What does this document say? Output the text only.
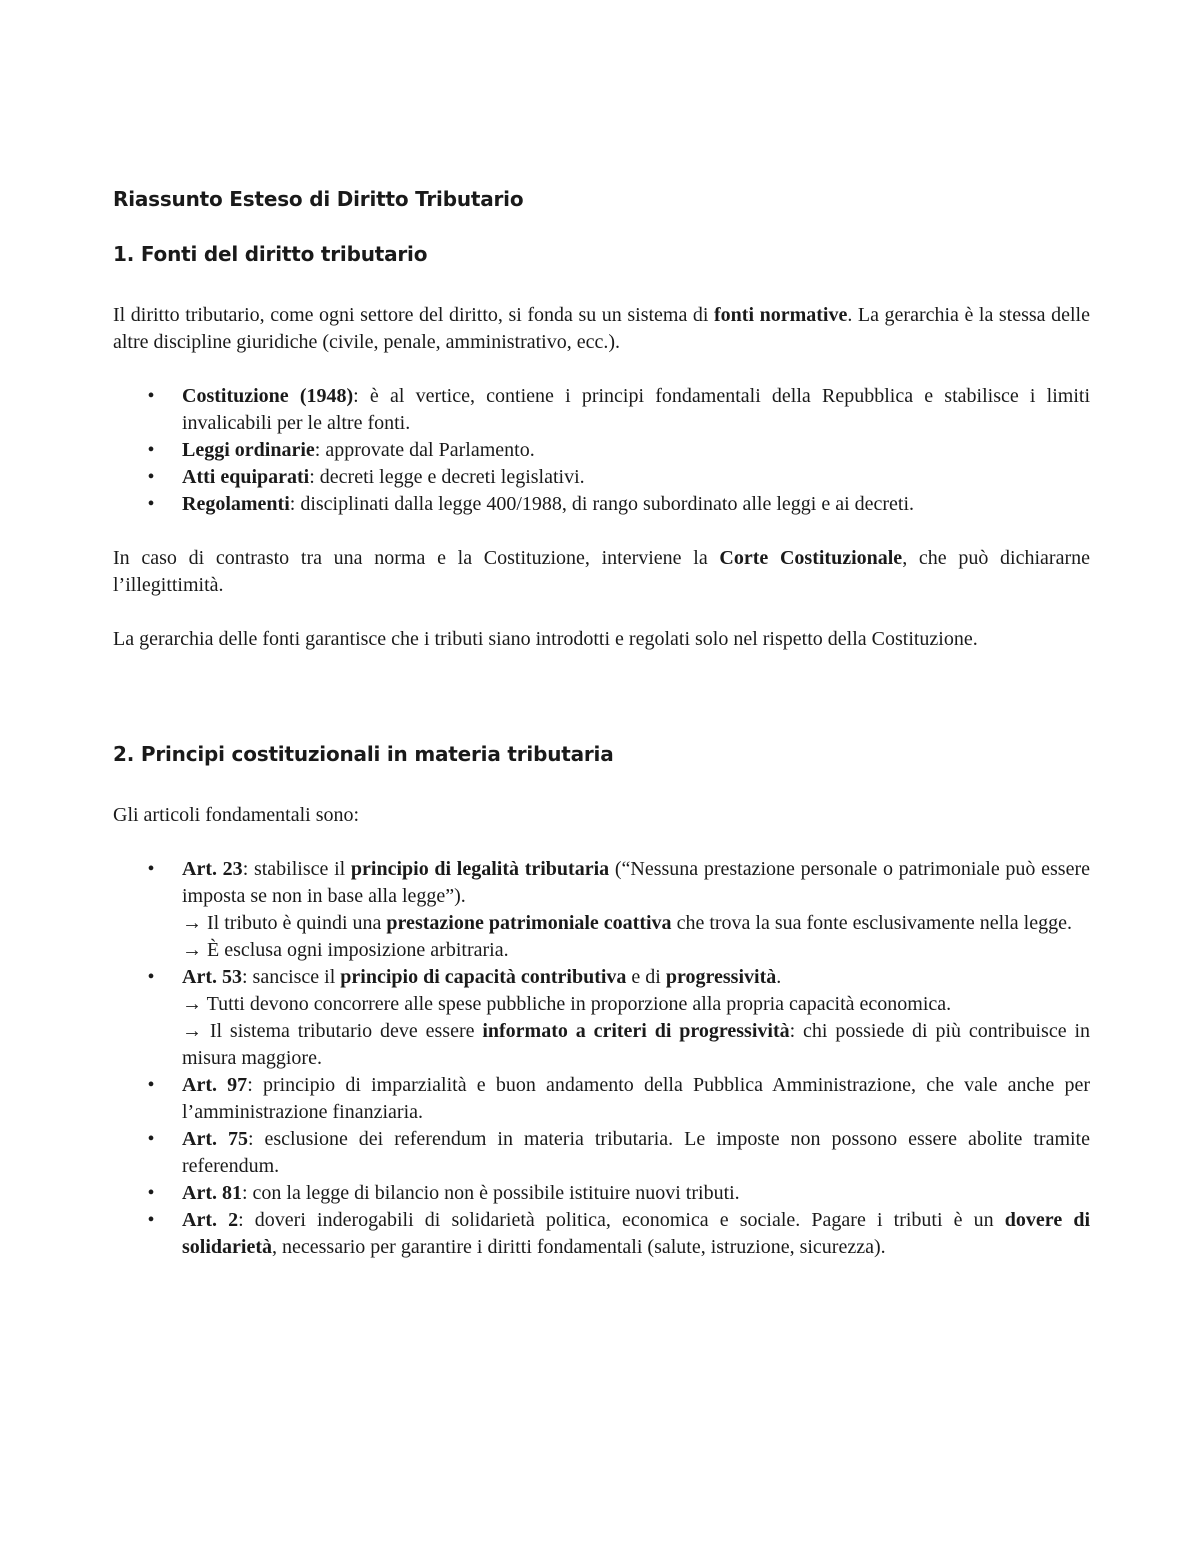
Riassunto Esteso di Diritto Tributario
1. Fonti del diritto tributario

Il diritto tributario, come ogni settore del diritto, si fonda su un sistema di fonti normative. La gerarchia è la stessa delle altre discipline giuridiche (civile, penale, amministrativo, ecc.).

• Costituzione (1948): è al vertice, contiene i principi fondamentali della Repubblica e stabilisce i limiti invalicabili per le altre fonti.
• Leggi ordinarie: approvate dal Parlamento.
• Atti equiparati: decreti legge e decreti legislativi.
• Regolamenti: disciplinati dalla legge 400/1988, di rango subordinato alle leggi e ai decreti.

In caso di contrasto tra una norma e la Costituzione, interviene la Corte Costituzionale, che può dichiararne l’illegittimità.

La gerarchia delle fonti garantisce che i tributi siano introdotti e regolati solo nel rispetto della Costituzione.

2. Principi costituzionali in materia tributaria

Gli articoli fondamentali sono:

• Art. 23: stabilisce il principio di legalità tributaria (“Nessuna prestazione personale o patrimoniale può essere imposta se non in base alla legge”).
→ Il tributo è quindi una prestazione patrimoniale coattiva che trova la sua fonte esclusivamente nella legge.
→ È esclusa ogni imposizione arbitraria.
• Art. 53: sancisce il principio di capacità contributiva e di progressività.
→ Tutti devono concorrere alle spese pubbliche in proporzione alla propria capacità economica.
→ Il sistema tributario deve essere informato a criteri di progressività: chi possiede di più contribuisce in misura maggiore.
• Art. 97: principio di imparzialità e buon andamento della Pubblica Amministrazione, che vale anche per l’amministrazione finanziaria.
• Art. 75: esclusione dei referendum in materia tributaria. Le imposte non possono essere abolite tramite referendum.
• Art. 81: con la legge di bilancio non è possibile istituire nuovi tributi.
• Art. 2: doveri inderogabili di solidarietà politica, economica e sociale. Pagare i tributi è un dovere di solidarietà, necessario per garantire i diritti fondamentali (salute, istruzione, sicurezza).
